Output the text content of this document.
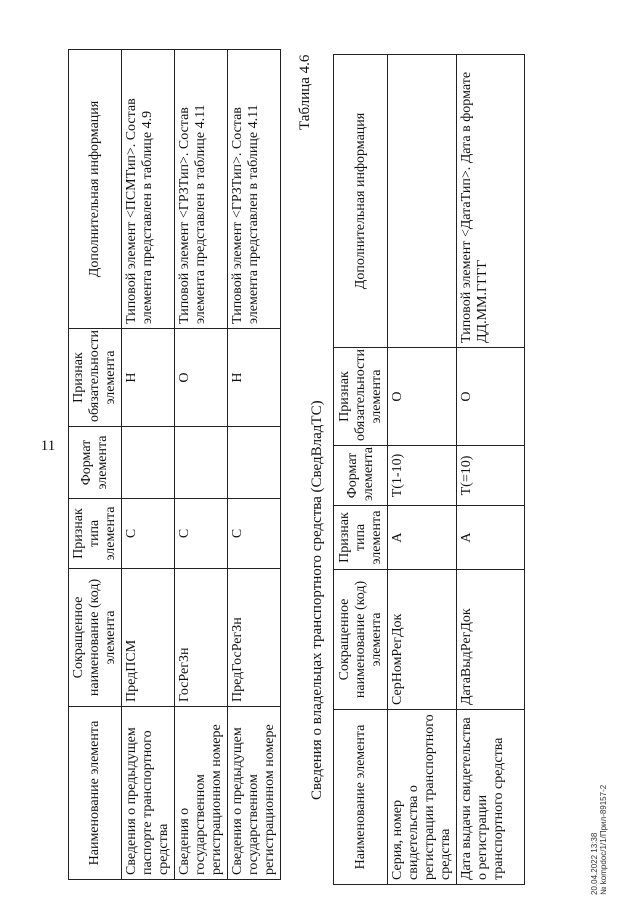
11
Наименование элемента	Сокращенное наименование (код) элемента	Признак типа элемента	Формат элемента	Признак обязательности элемента	Дополнительная информация
Сведения о предыдущем паспорте транспортного средства	ПредПСМ	С		Н	Типовой элемент <ПСМТип>. Состав элемента представлен в таблице 4.9
Сведения о государственном регистрационном номере	ГосРегЗн	С		О	Типовой элемент <ГРЗТип>. Состав элемента представлен в таблице 4.11
Сведения о предыдущем государственном регистрационном номере	ПредГосРегЗн	С		Н	Типовой элемент <ГРЗТип>. Состав элемента представлен в таблице 4.11
Таблица 4.6
Сведения о владельцах транспортного средства (СведВладТС) Наименование элемента	Сокращенное наименование (код) элемента	Признак типа элемента	Формат элемента	Признак обязательности элемента	Дополнительная информация
Серия, номер свидетельства о регистрации транспортного средства	СерНомРегДок	А	T(1-10)	О	
Дата выдачи свидетельства о регистрации транспортного средства	ДатаВыдРегДок	А	T(=10)	О	Типовой элемент <ДатаТип>. Дата в формате ДД.ММ.ГГГГ
20.04.2022 13:38 № kompdoc/1/1/Прил-89157-2
